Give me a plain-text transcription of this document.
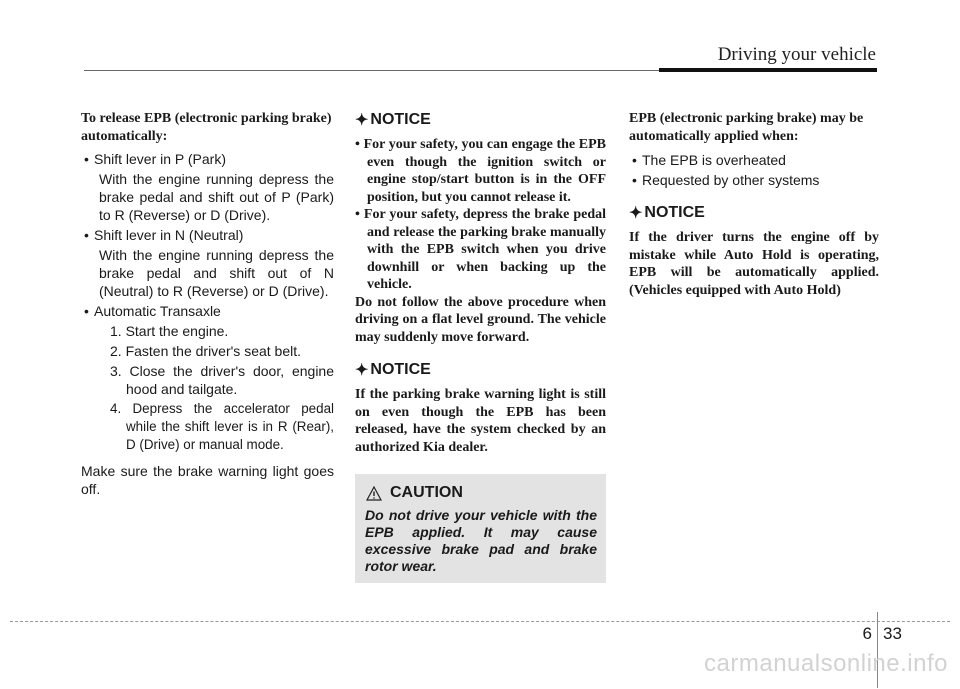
Driving your vehicle

To release EPB (electronic parking brake) automatically:

• Shift lever in P (Park)
With the engine running depress the brake pedal and shift out of P (Park) to R (Reverse) or D (Drive).
• Shift lever in N (Neutral)
With the engine running depress the brake pedal and shift out of N (Neutral) to R (Reverse) or D (Drive).
• Automatic Transaxle
1. Start the engine.
2. Fasten the driver's seat belt.
3. Close the driver's door, engine hood and tailgate.
4. Depress the accelerator pedal while the shift lever is in R (Rear), D (Drive) or manual mode.

Make sure the brake warning light goes off.

✦ NOTICE
• For your safety, you can engage the EPB even though the ignition switch or engine stop/start button is in the OFF position, but you cannot release it.
• For your safety, depress the brake pedal and release the parking brake manually with the EPB switch when you drive downhill or when backing up the vehicle.

Do not follow the above procedure when driving on a flat level ground. The vehicle may suddenly move forward.

✦ NOTICE

If the parking brake warning light is still on even though the EPB has been released, have the system checked by an authorized Kia dealer.

CAUTION
Do not drive your vehicle with the EPB applied. It may cause excessive brake pad and brake rotor wear.

EPB (electronic parking brake) may be automatically applied when:

• The EPB is overheated
• Requested by other systems
✦ NOTICE

If the driver turns the engine off by mistake while Auto Hold is operating, EPB will be automatically applied. (Vehicles equipped with Auto Hold)

6 33
carmanualsonline.info
